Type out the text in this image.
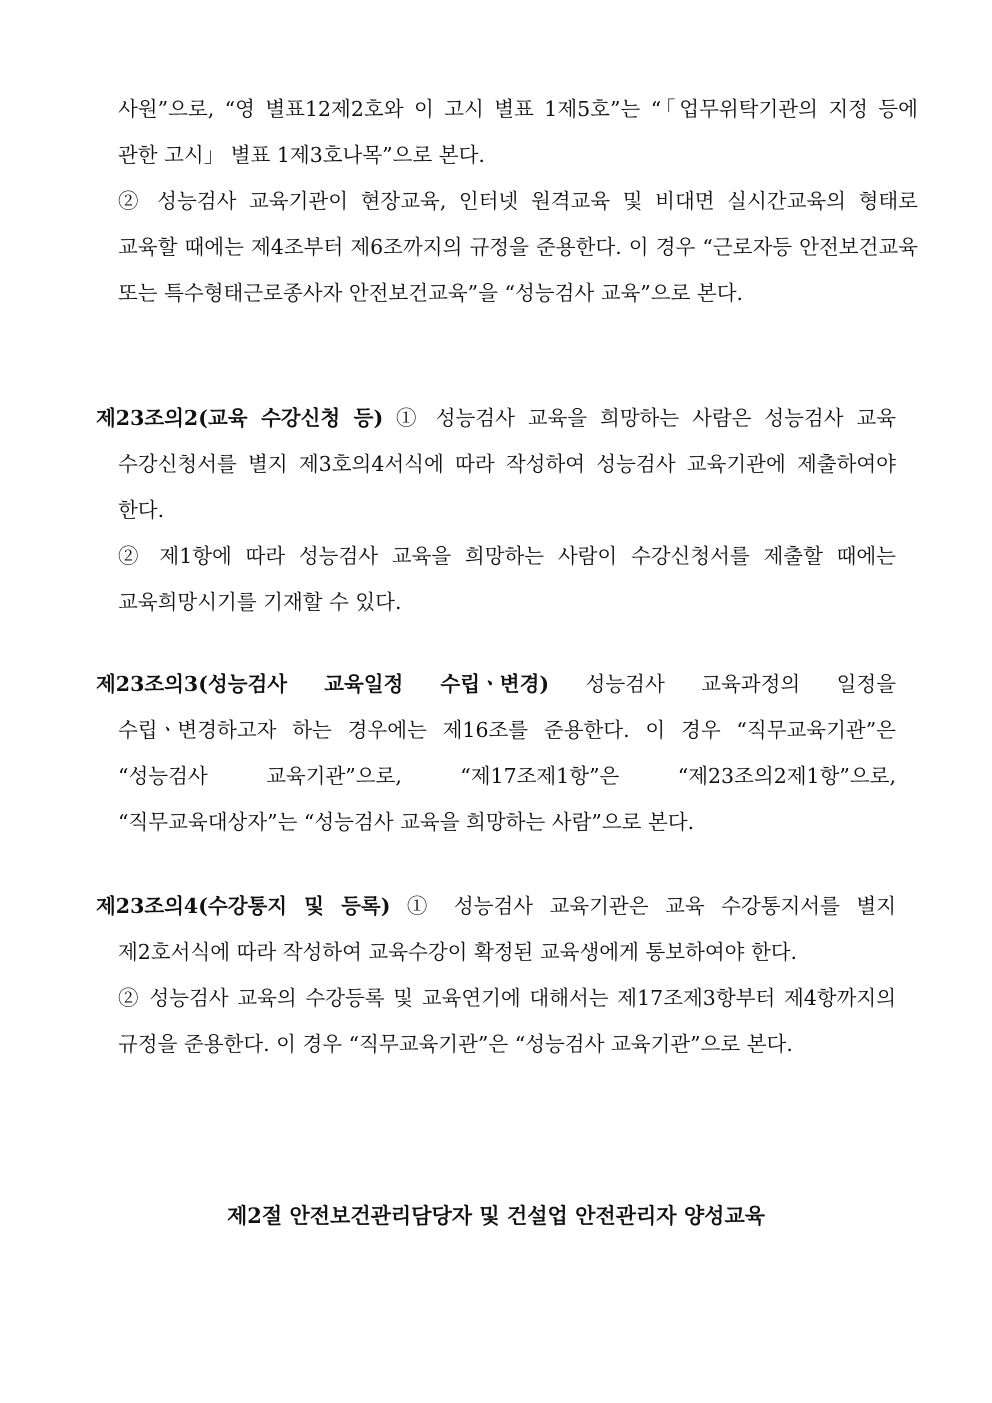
사원”으로, “영 별표12제2호와 이 고시 별표 1제5호”는 “「업무위탁기관의 지정 등에 관한 고시」 별표 1제3호나목”으로 본다.

② 성능검사 교육기관이 현장교육, 인터넷 원격교육 및 비대면 실시간교육의 형태로 교육할 때에는 제4조부터 제6조까지의 규정을 준용한다. 이 경우 “근로자등 안전보건교육 또는 특수형태근로종사자 안전보건교육”을 “성능검사 교육”으로 본다.

제23조의2(교육 수강신청 등) ① 성능검사 교육을 희망하는 사람은 성능검사 교육 수강신청서를 별지 제3호의4서식에 따라 작성하여 성능검사 교육기관에 제출하여야 한다.

② 제1항에 따라 성능검사 교육을 희망하는 사람이 수강신청서를 제출할 때에는 교육희망시기를 기재할 수 있다.

제23조의3(성능검사 교육일정 수립ㆍ변경) 성능검사 교육과정의 일정을 수립ㆍ변경하고자 하는 경우에는 제16조를 준용한다. 이 경우 “직무교육기관”은 “성능검사 교육기관”으로, “제17조제1항”은 “제23조의2제1항”으로, “직무교육대상자”는 “성능검사 교육을 희망하는 사람”으로 본다.

제23조의4(수강통지 및 등록) ① 성능검사 교육기관은 교육 수강통지서를 별지 제2호서식에 따라 작성하여 교육수강이 확정된 교육생에게 통보하여야 한다.

② 성능검사 교육의 수강등록 및 교육연기에 대해서는 제17조제3항부터 제4항까지의 규정을 준용한다. 이 경우 “직무교육기관”은 “성능검사 교육기관”으로 본다.

제2절 안전보건관리담당자 및 건설업 안전관리자 양성교육
